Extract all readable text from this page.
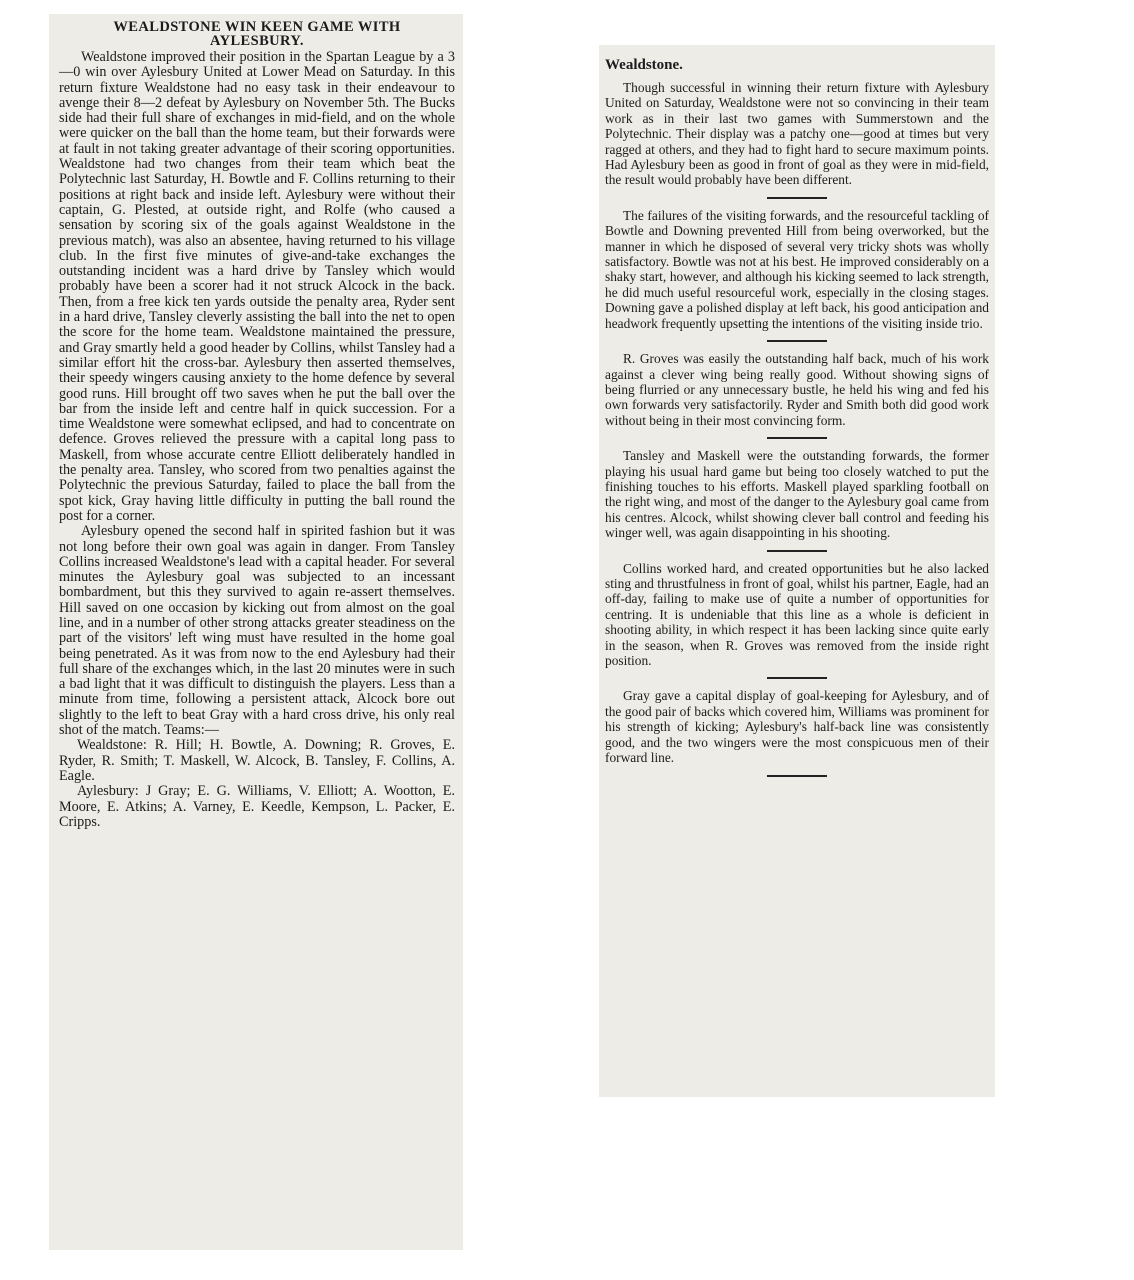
WEALDSTONE WIN KEEN GAME WITH
AYLESBURY.

Wealdstone improved their position in the Spartan League by a 3—0 win over Aylesbury United at Lower Mead on Saturday. In this return fixture Wealdstone had no easy task in their endeavour to avenge their 8—2 defeat by Aylesbury on November 5th. The Bucks side had their full share of exchanges in mid-field, and on the whole were quicker on the ball than the home team, but their forwards were at fault in not taking greater advantage of their scoring opportunities. Wealdstone had two changes from their team which beat the Polytechnic last Saturday, H. Bowtle and F. Collins returning to their positions at right back and inside left. Aylesbury were without their captain, G. Plested, at outside right, and Rolfe (who caused a sensation by scoring six of the goals against Wealdstone in the previous match), was also an absentee, having returned to his village club. In the first five minutes of give-and-take exchanges the outstanding incident was a hard drive by Tansley which would probably have been a scorer had it not struck Alcock in the back. Then, from a free kick ten yards outside the penalty area, Ryder sent in a hard drive, Tansley cleverly assisting the ball into the net to open the score for the home team. Wealdstone maintained the pressure, and Gray smartly held a good header by Collins, whilst Tansley had a similar effort hit the cross-bar. Aylesbury then asserted themselves, their speedy wingers causing anxiety to the home defence by several good runs. Hill brought off two saves when he put the ball over the bar from the inside left and centre half in quick succession. For a time Wealdstone were somewhat eclipsed, and had to concentrate on defence. Groves relieved the pressure with a capital long pass to Maskell, from whose accurate centre Elliott deliberately handled in the penalty area. Tansley, who scored from two penalties against the Polytechnic the previous Saturday, failed to place the ball from the spot kick, Gray having little difficulty in putting the ball round the post for a corner.

Aylesbury opened the second half in spirited fashion but it was not long before their own goal was again in danger. From Tansley Collins increased Wealdstone's lead with a capital header. For several minutes the Aylesbury goal was subjected to an incessant bombardment, but this they survived to again re-assert themselves. Hill saved on one occasion by kicking out from almost on the goal line, and in a number of other strong attacks greater steadiness on the part of the visitors' left wing must have resulted in the home goal being penetrated. As it was from now to the end Aylesbury had their full share of the exchanges which, in the last 20 minutes were in such a bad light that it was difficult to distinguish the players. Less than a minute from time, following a persistent attack, Alcock bore out slightly to the left to beat Gray with a hard cross drive, his only real shot of the match. Teams:—

Wealdstone: R. Hill; H. Bowtle, A. Downing; R. Groves, E. Ryder, R. Smith; T. Maskell, W. Alcock, B. Tansley, F. Collins, A. Eagle.

Aylesbury: J Gray; E. G. Williams, V. Elliott; A. Wootton, E. Moore, E. Atkins; A. Varney, E. Keedle, Kempson, L. Packer, E. Cripps.

Wealdstone.

Though successful in winning their return fixture with Aylesbury United on Saturday, Wealdstone were not so convincing in their team work as in their last two games with Summerstown and the Polytechnic. Their display was a patchy one—good at times but very ragged at others, and they had to fight hard to secure maximum points. Had Aylesbury been as good in front of goal as they were in mid-field, the result would probably have been different.

The failures of the visiting forwards, and the resourceful tackling of Bowtle and Downing prevented Hill from being overworked, but the manner in which he disposed of several very tricky shots was wholly satisfactory. Bowtle was not at his best. He improved considerably on a shaky start, however, and although his kicking seemed to lack strength, he did much useful resourceful work, especially in the closing stages. Downing gave a polished display at left back, his good anticipation and headwork frequently upsetting the intentions of the visiting inside trio.

R. Groves was easily the outstanding half back, much of his work against a clever wing being really good. Without showing signs of being flurried or any unnecessary bustle, he held his wing and fed his own forwards very satisfactorily. Ryder and Smith both did good work without being in their most convincing form.

Tansley and Maskell were the outstanding forwards, the former playing his usual hard game but being too closely watched to put the finishing touches to his efforts. Maskell played sparkling football on the right wing, and most of the danger to the Aylesbury goal came from his centres. Alcock, whilst showing clever ball control and feeding his winger well, was again disappointing in his shooting.

Collins worked hard, and created opportunities but he also lacked sting and thrustfulness in front of goal, whilst his partner, Eagle, had an off-day, failing to make use of quite a number of opportunities for centring. It is undeniable that this line as a whole is deficient in shooting ability, in which respect it has been lacking since quite early in the season, when R. Groves was removed from the inside right position.

Gray gave a capital display of goal-keeping for Aylesbury, and of the good pair of backs which covered him, Williams was prominent for his strength of kicking; Aylesbury's half-back line was consistently good, and the two wingers were the most conspicuous men of their forward line.
